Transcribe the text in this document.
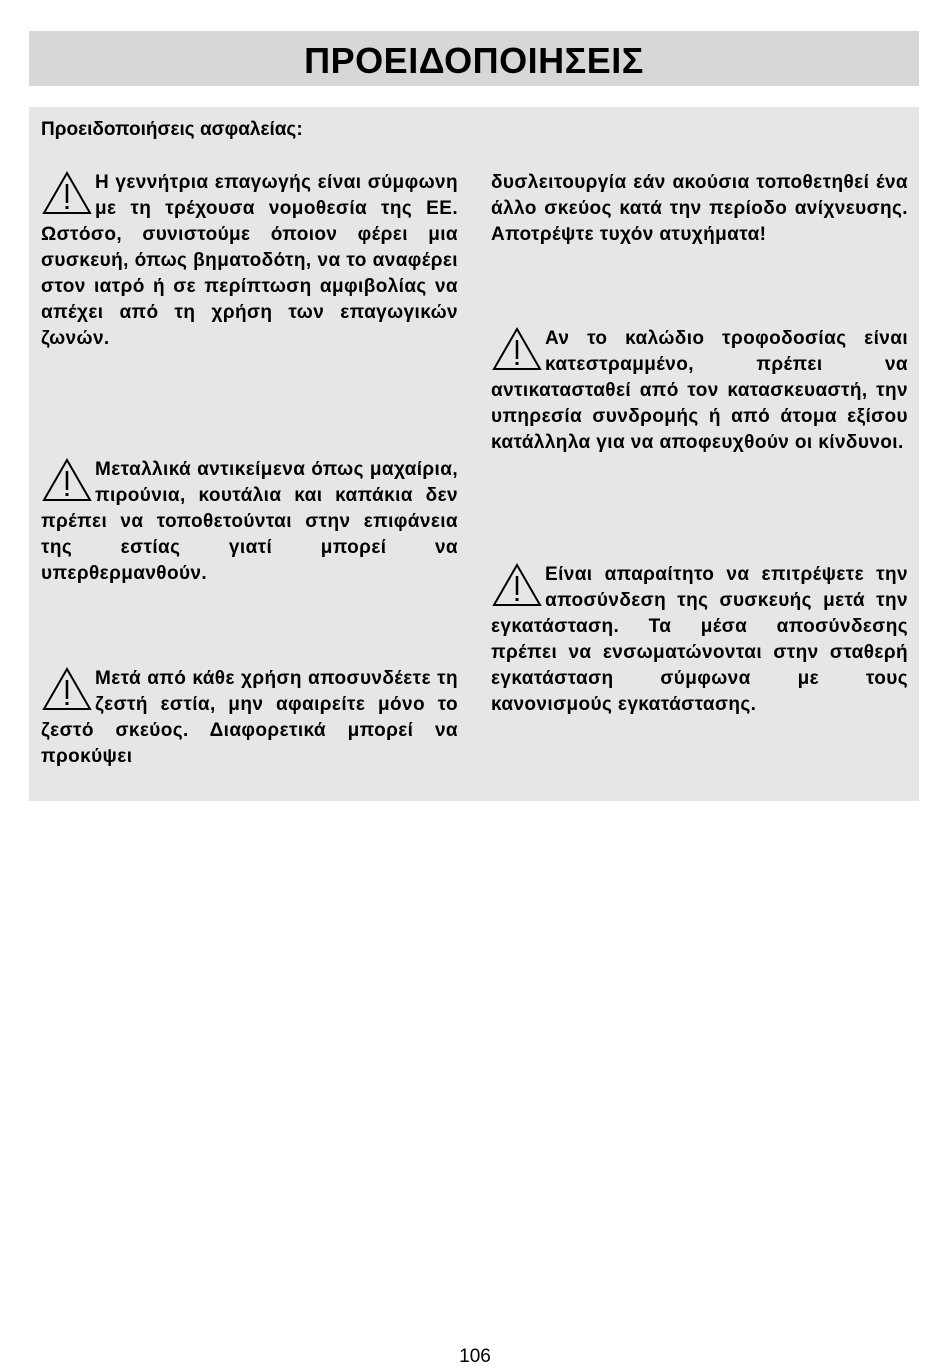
ΠΡΟΕΙΔΟΠΟΙΗΣΕΙΣ
Προειδοποιήσεις ασφαλείας:
Η γεννήτρια επαγωγής είναι σύμφωνη με τη τρέχουσα νομοθεσία της ΕΕ. Ωστόσο, συνιστούμε όποιον φέρει μια συσκευή, όπως βηματοδότη, να το αναφέρει στον ιατρό ή σε περίπτωση αμφιβολίας να απέχει από τη χρήση των επαγωγικών ζωνών.
Μεταλλικά αντικείμενα όπως μαχαίρια, πιρούνια, κουτάλια και καπάκια δεν πρέπει να τοποθετούνται στην επιφάνεια της εστίας γιατί μπορεί να υπερθερμανθούν.
Μετά από κάθε χρήση αποσυνδέετε τη ζεστή εστία, μην αφαιρείτε μόνο το ζεστό σκεύος. Διαφορετικά μπορεί να προκύψει
δυσλειτουργία εάν ακούσια τοποθετηθεί ένα άλλο σκεύος κατά την περίοδο ανίχνευσης. Αποτρέψτε τυχόν ατυχήματα!
Αν το καλώδιο τροφοδοσίας είναι κατεστραμμένο, πρέπει να αντικατασταθεί από τον κατασκευαστή, την υπηρεσία συνδρομής ή από άτομα εξίσου κατάλληλα για να αποφευχθούν οι κίνδυνοι.
Είναι απαραίτητο να επιτρέψετε την αποσύνδεση της συσκευής μετά την εγκατάσταση. Τα μέσα αποσύνδεσης πρέπει να ενσωματώνονται στην σταθερή εγκατάσταση σύμφωνα με τους κανονισμούς εγκατάστασης.
106
